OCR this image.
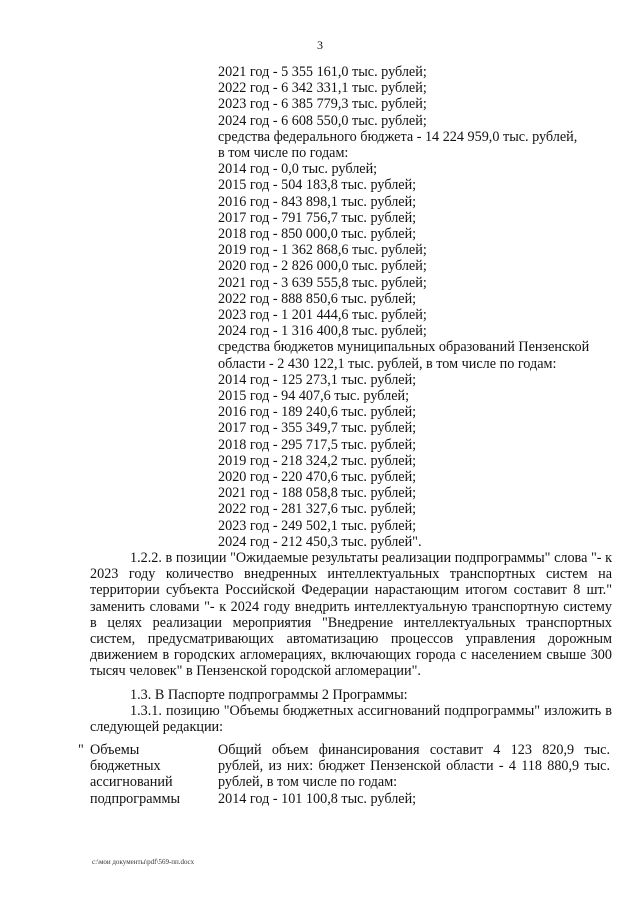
3
2021 год - 5 355 161,0 тыс. рублей;
2022 год - 6 342 331,1 тыс. рублей;
2023 год - 6 385 779,3 тыс. рублей;
2024 год - 6 608 550,0 тыс. рублей;
средства федерального бюджета - 14 224 959,0 тыс. рублей,
в том числе по годам:
2014 год - 0,0 тыс. рублей;
2015 год - 504 183,8 тыс. рублей;
2016 год - 843 898,1 тыс. рублей;
2017 год - 791 756,7 тыс. рублей;
2018 год - 850 000,0 тыс. рублей;
2019 год - 1 362 868,6 тыс. рублей;
2020 год - 2 826 000,0 тыс. рублей;
2021 год - 3 639 555,8 тыс. рублей;
2022 год - 888 850,6 тыс. рублей;
2023 год - 1 201 444,6 тыс. рублей;
2024 год - 1 316 400,8 тыс. рублей;
средства бюджетов муниципальных образований Пензенской
области - 2 430 122,1 тыс. рублей, в том числе по годам:
2014 год - 125 273,1 тыс. рублей;
2015 год - 94 407,6 тыс. рублей;
2016 год - 189 240,6 тыс. рублей;
2017 год - 355 349,7 тыс. рублей;
2018 год - 295 717,5 тыс. рублей;
2019 год - 218 324,2 тыс. рублей;
2020 год - 220 470,6 тыс. рублей;
2021 год - 188 058,8 тыс. рублей;
2022 год - 281 327,6 тыс. рублей;
2023 год - 249 502,1 тыс. рублей;
2024 год - 212 450,3 тыс. рублей".
1.2.2. в позиции "Ожидаемые результаты реализации подпрограммы" слова "- к 2023 году количество внедренных интеллектуальных транспортных систем на территории субъекта Российской Федерации нарастающим итогом составит 8 шт." заменить словами "- к 2024 году внедрить интеллектуальную транспортную систему в целях реализации мероприятия "Внедрение интеллектуальных транспортных систем, предусматривающих автоматизацию процессов управления дорожным движением в городских агломерациях, включающих города с населением свыше 300 тысяч человек" в Пензенской городской агломерации".
1.3. В Паспорте подпрограммы 2 Программы:
1.3.1. позицию "Объемы бюджетных ассигнований подпрограммы" изложить в следующей редакции:
" Объемы
бюджетных
ассигнований
подпрограммы
Общий объем финансирования составит 4 123 820,9 тыс. рублей, из них: бюджет Пензенской области - 4 118 880,9 тыс. рублей, в том числе по годам:
2014 год - 101 100,8 тыс. рублей;
c:\мои документы\pdf\569-пп.docx
